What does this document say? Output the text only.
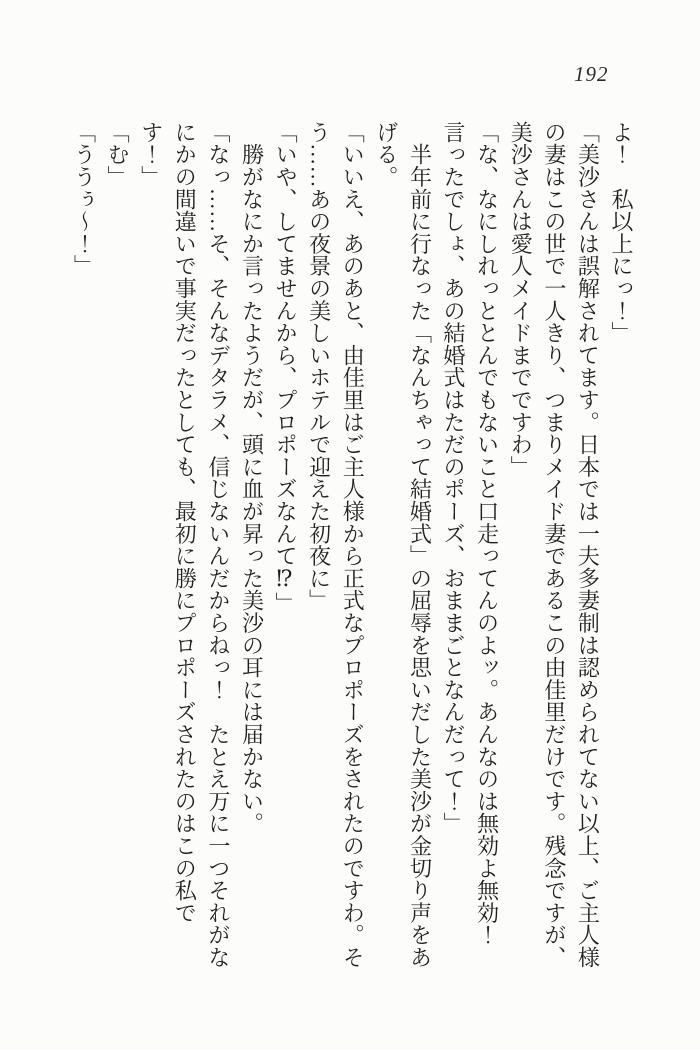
192
よ！　私以上にっ！」
「美沙さんは誤解されてます。日本では一夫多妻制は認められてない以上、ご主人様
の妻はこの世で一人きり、つまりメイド妻であるこの由佳里だけです。残念ですが、
美沙さんは愛人メイドまでですわ」
「な、なにしれっととんでもないこと口走ってんのよッ。あんなのは無効よ無効！
言ったでしょ、あの結婚式はただのポーズ、おままごとなんだって！」
　半年前に行なった「なんちゃって結婚式」の屈辱を思いだした美沙が金切り声をあ
げる。
「いいえ、あのあと、由佳里はご主人様から正式なプロポーズをされたのですわ。そ
う……あの夜景の美しいホテルで迎えた初夜に」
「いや、してませんから、プロポーズなんて⁉」
　勝がなにか言ったようだが、頭に血が昇った美沙の耳には届かない。
「なっ……そ、そんなデタラメ、信じないんだからねっ！　たとえ万に一つそれがな
にかの間違いで事実だったとしても、最初に勝にプロポーズされたのはこの私で
す！」
「む」
「ううぅ～！」
